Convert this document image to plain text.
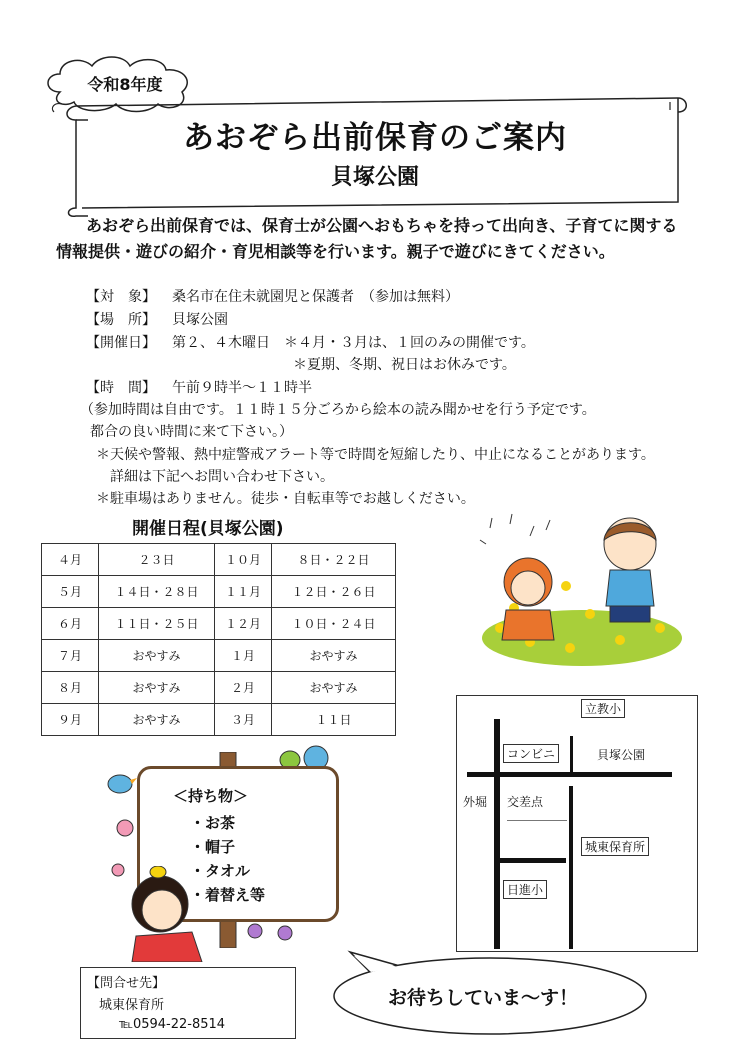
令和8年度
あおぞら出前保育のご案内
貝塚公園

あおぞら出前保育では、保育士が公園へおもちゃを持って出向き、子育てに関する

情報提供・遊びの紹介・育児相談等を行います。親子で遊びにきてください。

【対　象】 桑名市在住未就園児と保護者　（参加は無料）
【場　所】 貝塚公園
【開催日】 第２、４木曜日　＊４月・３月は、１回のみの開催です。
＊夏期、冬期、祝日はお休みです。
【時　間】 午前９時半～１１時半
（参加時間は自由です。１１時１５分ごろから絵本の読み聞かせを行う予定です。
都合の良い時間に来て下さい。）
＊天候や警報、熱中症警戒アラート等で時間を短縮したり、中止になることがあります。
詳細は下記へお問い合わせ下さい。
＊駐車場はありません。徒歩・自転車等でお越しください。
開催日程(貝塚公園)
４月	２３日	１０月	８日・２２日
５月	１４日・２８日	１１月	１２日・２６日
６月	１１日・２５日	１２月	１０日・２４日
７月	おやすみ	１月	おやすみ
８月	おやすみ	２月	おやすみ
９月	おやすみ	３月	１１日
立教小
コンビニ	貝塚公園
外堀 交差点
城東保育所
日進小
＜持ち物＞
・お茶
・帽子
・タオル
・着替え等
【問合せ先】
城東保育所
℡0594-22-8514
お待ちしていま～す！
